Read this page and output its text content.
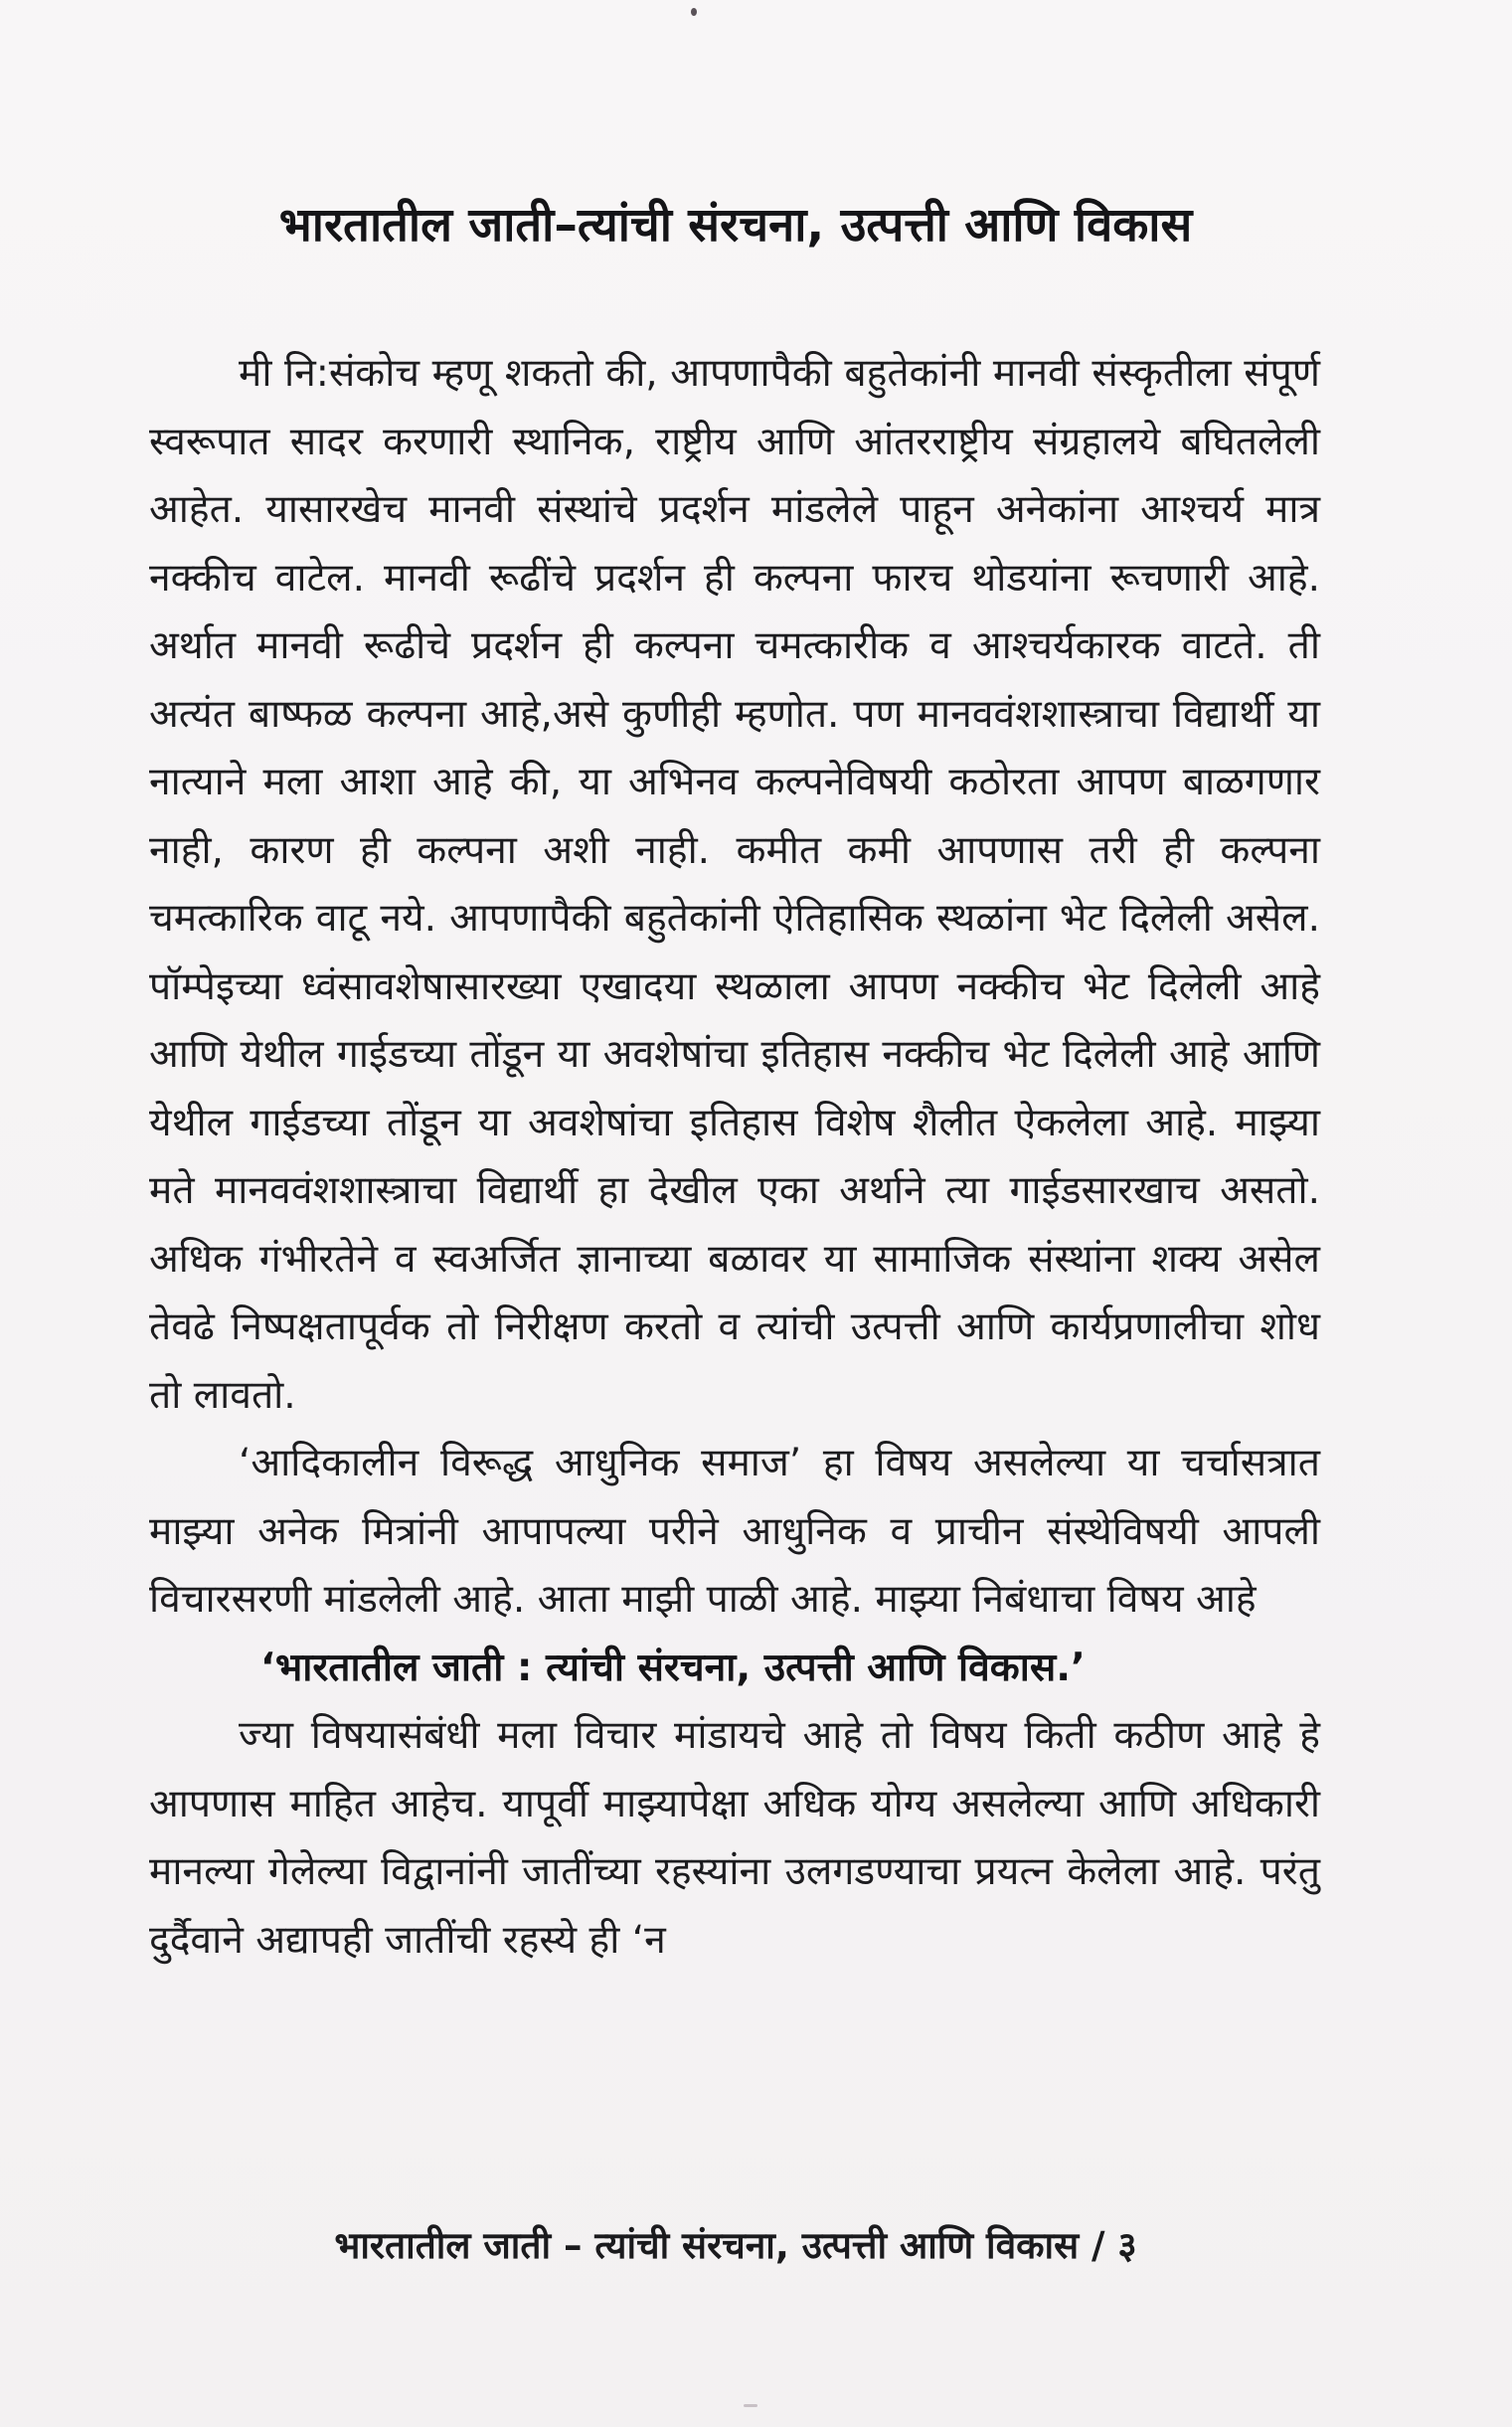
भारतातील जाती–त्यांची संरचना, उत्पत्ती आणि विकास

मी नि:संकोच म्हणू शकतो की, आपणापैकी बहुतेकांनी मानवी संस्कृतीला संपूर्ण स्वरूपात सादर करणारी स्थानिक, राष्ट्रीय आणि आंतरराष्ट्रीय संग्रहालये बघितलेली आहेत. यासारखेच मानवी संस्थांचे प्रदर्शन मांडलेले पाहून अनेकांना आश्चर्य मात्र नक्कीच वाटेल. मानवी रूढींचे प्रदर्शन ही कल्पना फारच थोडयांना रूचणारी आहे. अर्थात मानवी रूढीचे प्रदर्शन ही कल्पना चमत्कारीक व आश्चर्यकारक वाटते. ती अत्यंत बाष्फळ कल्पना आहे,असे कुणीही म्हणोत. पण मानववंशशास्त्राचा विद्यार्थी या नात्याने मला आशा आहे की, या अभिनव कल्पनेविषयी कठोरता आपण बाळगणार नाही, कारण ही कल्पना अशी नाही. कमीत कमी आपणास तरी ही कल्पना चमत्कारिक वाटू नये. आपणापैकी बहुतेकांनी ऐतिहासिक स्थळांना भेट दिलेली असेल. पॉम्पेइच्या ध्वंसावशेषासारख्या एखादया स्थळाला आपण नक्कीच भेट दिलेली आहे आणि येथील गाईडच्या तोंडून या अवशेषांचा इतिहास नक्कीच भेट दिलेली आहे आणि येथील गाईडच्या तोंडून या अवशेषांचा इतिहास विशेष शैलीत ऐकलेला आहे. माझ्या मते मानववंशशास्त्राचा विद्यार्थी हा देखील एका अर्थाने त्या गाईडसारखाच असतो. अधिक गंभीरतेने व स्वअर्जित ज्ञानाच्या बळावर या सामाजिक संस्थांना शक्य असेल तेवढे निष्पक्षतापूर्वक तो निरीक्षण करतो व त्यांची उत्पत्ती आणि कार्यप्रणालीचा शोध तो लावतो.

‘आदिकालीन विरूद्ध आधुनिक समाज’ हा विषय असलेल्या या चर्चासत्रात माझ्या अनेक मित्रांनी आपापल्या परीने आधुनिक व प्राचीन संस्थेविषयी आपली विचारसरणी मांडलेली आहे. आता माझी पाळी आहे. माझ्या निबंधाचा विषय आहे

‘भारतातील जाती : त्यांची संरचना, उत्पत्ती आणि विकास.’

ज्या विषयासंबंधी मला विचार मांडायचे आहे तो विषय किती कठीण आहे हे आपणास माहित आहेच. यापूर्वी माझ्यापेक्षा अधिक योग्य असलेल्या आणि अधिकारी मानल्या गेलेल्या विद्वानांनी जातींच्या रहस्यांना उलगडण्याचा प्रयत्न केलेला आहे. परंतु दुर्दैवाने अद्यापही जातींची रहस्ये ही ‘न

भारतातील जाती – त्यांची संरचना, उत्पत्ती आणि विकास / ३
